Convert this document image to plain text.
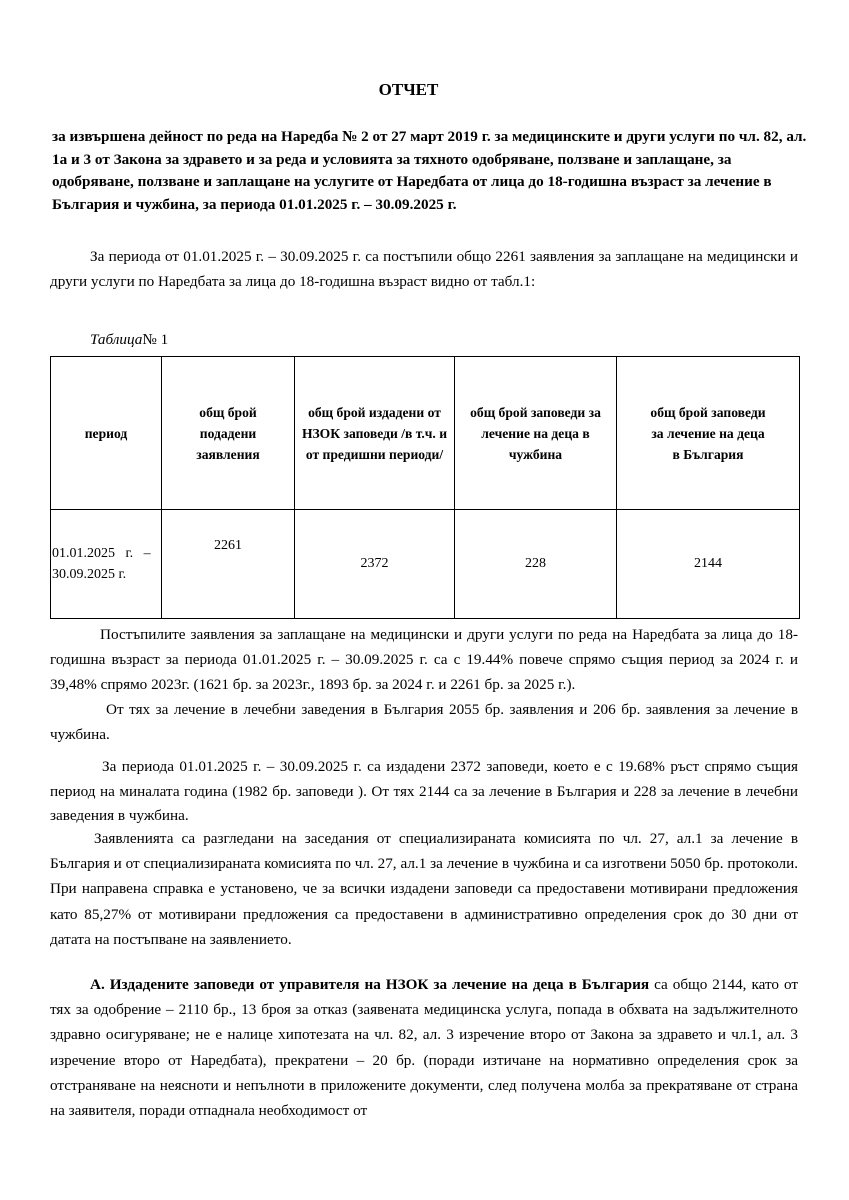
ОТЧЕТ
за извършена дейност по реда на Наредба № 2 от 27 март 2019 г. за медицинските и други услуги по чл. 82, ал. 1а и 3 от Закона за здравето и за реда и условията за тяхното одобряване, ползване и заплащане, за одобряване, ползване и заплащане на услугите от Наредбата от лица до 18-годишна възраст за лечение в България и чужбина, за периода 01.01.2025 г. – 30.09.2025 г.
За периода от 01.01.2025 г. – 30.09.2025 г. са постъпили общо 2261 заявления за заплащане на медицински и други услуги по Наредбата за лица до 18-годишна възраст видно от табл.1:
Таблица№ 1
период	общ брой подадени заявления	общ брой издадени от НЗОК заповеди /в т.ч. и от предишни периоди/	общ брой заповеди за лечение на деца в чужбина	общ брой заповеди за лечение на деца в България

01.01.2025   г.   –
30.09.2025 г.	2261	2372	228	2144
Постъпилите заявления за заплащане на медицински и други услуги по реда на Наредбата за лица до 18-годишна възраст за периода 01.01.2025 г. – 30.09.2025 г. са с 19.44% повече спрямо същия период за 2024 г. и 39,48% спрямо 2023г. (1621 бр. за 2023г., 1893 бр. за 2024 г. и 2261 бр. за 2025 г.).
От тях за лечение в лечебни заведения в България 2055 бр. заявления и 206 бр. заявления за лечение в чужбина.
За периода 01.01.2025 г. – 30.09.2025 г. са издадени 2372 заповеди, което е с 19.68% ръст спрямо същия период на миналата година (1982 бр. заповеди ). От тях 2144 са за лечение в България и 228 за лечение в лечебни заведения в чужбина.
Заявленията са разгледани на заседания от специализираната комисията по чл. 27, ал.1 за лечение в България и от специализираната комисията по чл. 27, ал.1 за лечение в чужбина и са изготвени 5050 бр. протоколи. При направена справка е установено, че за всички издадени заповеди са предоставени мотивирани предложения като 85,27% от мотивирани предложения са предоставени в административно определения срок до 30 дни от датата на постъпване на заявлението.
А. Издадените заповеди от управителя на НЗОК за лечение на деца в България са общо 2144, като от тях за одобрение – 2110 бр., 13 броя за отказ (заявената медицинска услуга, попада в обхвата на задължителното здравно осигуряване; не е налице хипотезата на чл. 82, ал. 3 изречение второ от Закона за здравето и чл.1, ал. 3 изречение второ от Наредбата), прекратени – 20 бр. (поради изтичане на нормативно определения срок за отстраняване на неясноти и непълноти в приложените документи, след получена молба за прекратяване от страна на заявителя, поради отпаднала необходимост от
